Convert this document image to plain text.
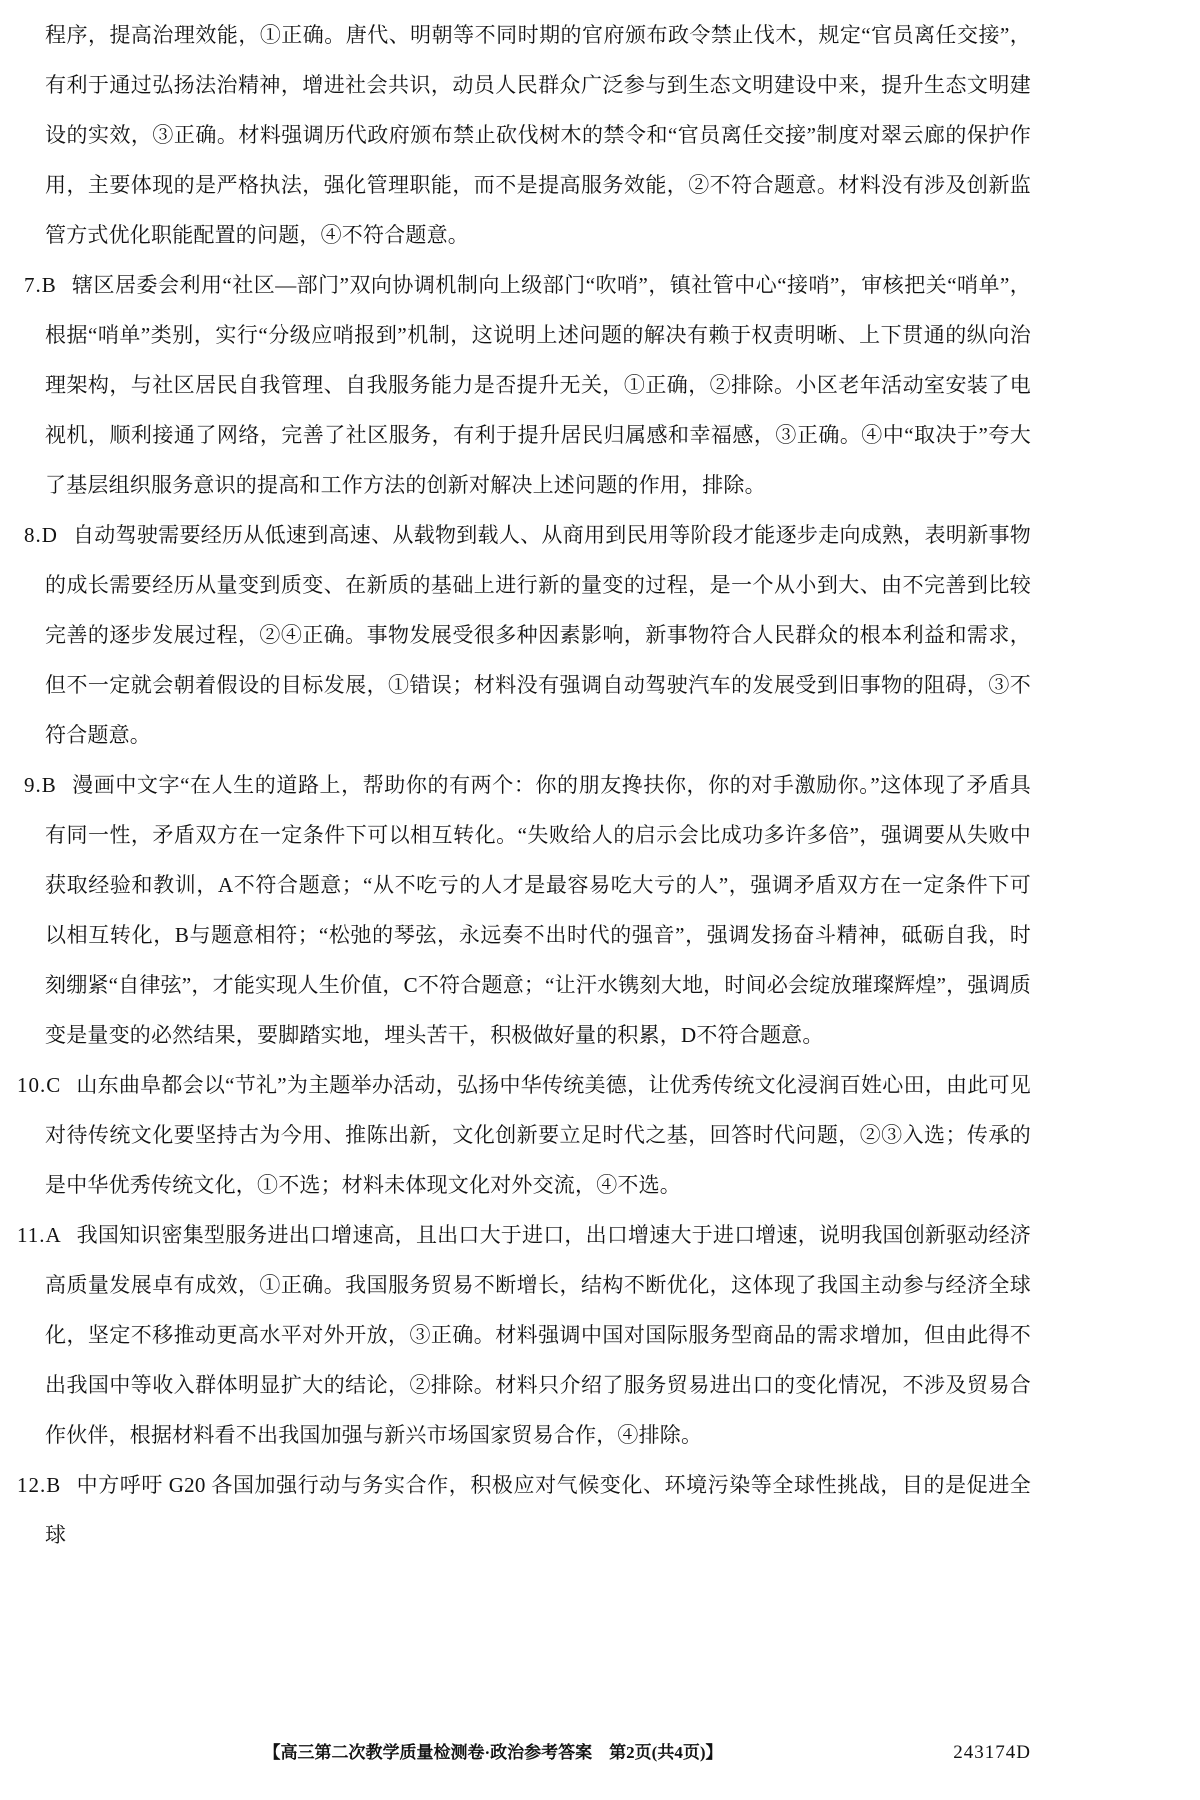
程序，提高治理效能，①正确。唐代、明朝等不同时期的官府颁布政令禁止伐木，规定“官员离任交接”，有利于通过弘扬法治精神，增进社会共识，动员人民群众广泛参与到生态文明建设中来，提升生态文明建设的实效，③正确。材料强调历代政府颁布禁止砍伐树木的禁令和“官员离任交接”制度对翠云廊的保护作用，主要体现的是严格执法，强化管理职能，而不是提高服务效能，②不符合题意。材料没有涉及创新监管方式优化职能配置的问题，④不符合题意。

7.B 辖区居委会利用“社区—部门”双向协调机制向上级部门“吹哨”，镇社管中心“接哨”，审核把关“哨单”，根据“哨单”类别，实行“分级应哨报到”机制，这说明上述问题的解决有赖于权责明晰、上下贯通的纵向治理架构，与社区居民自我管理、自我服务能力是否提升无关，①正确，②排除。小区老年活动室安装了电视机，顺利接通了网络，完善了社区服务，有利于提升居民归属感和幸福感，③正确。④中“取决于”夸大了基层组织服务意识的提高和工作方法的创新对解决上述问题的作用，排除。

8.D 自动驾驶需要经历从低速到高速、从载物到载人、从商用到民用等阶段才能逐步走向成熟，表明新事物的成长需要经历从量变到质变、在新质的基础上进行新的量变的过程，是一个从小到大、由不完善到比较完善的逐步发展过程，②④正确。事物发展受很多种因素影响，新事物符合人民群众的根本利益和需求，但不一定就会朝着假设的目标发展，①错误；材料没有强调自动驾驶汽车的发展受到旧事物的阻碍，③不符合题意。

9.B 漫画中文字“在人生的道路上，帮助你的有两个：你的朋友搀扶你，你的对手激励你。”这体现了矛盾具有同一性，矛盾双方在一定条件下可以相互转化。“失败给人的启示会比成功多许多倍”，强调要从失败中获取经验和教训，A不符合题意；“从不吃亏的人才是最容易吃大亏的人”，强调矛盾双方在一定条件下可以相互转化，B与题意相符；“松弛的琴弦，永远奏不出时代的强音”，强调发扬奋斗精神，砥砺自我，时刻绷紧“自律弦”，才能实现人生价值，C不符合题意；“让汗水镌刻大地，时间必会绽放璀璨辉煌”，强调质变是量变的必然结果，要脚踏实地，埋头苦干，积极做好量的积累，D不符合题意。

10.C 山东曲阜都会以“节礼”为主题举办活动，弘扬中华传统美德，让优秀传统文化浸润百姓心田，由此可见对待传统文化要坚持古为今用、推陈出新，文化创新要立足时代之基，回答时代问题，②③入选；传承的是中华优秀传统文化，①不选；材料未体现文化对外交流，④不选。

11.A 我国知识密集型服务进出口增速高，且出口大于进口，出口增速大于进口增速，说明我国创新驱动经济高质量发展卓有成效，①正确。我国服务贸易不断增长，结构不断优化，这体现了我国主动参与经济全球化，坚定不移推动更高水平对外开放，③正确。材料强调中国对国际服务型商品的需求增加，但由此得不出我国中等收入群体明显扩大的结论，②排除。材料只介绍了服务贸易进出口的变化情况，不涉及贸易合作伙伴，根据材料看不出我国加强与新兴市场国家贸易合作，④排除。

12.B 中方呼吁 G20 各国加强行动与务实合作，积极应对气候变化、环境污染等全球性挑战，目的是促进全球

【高三第二次教学质量检测卷·政治参考答案　第2页(共4页)】	243174D
